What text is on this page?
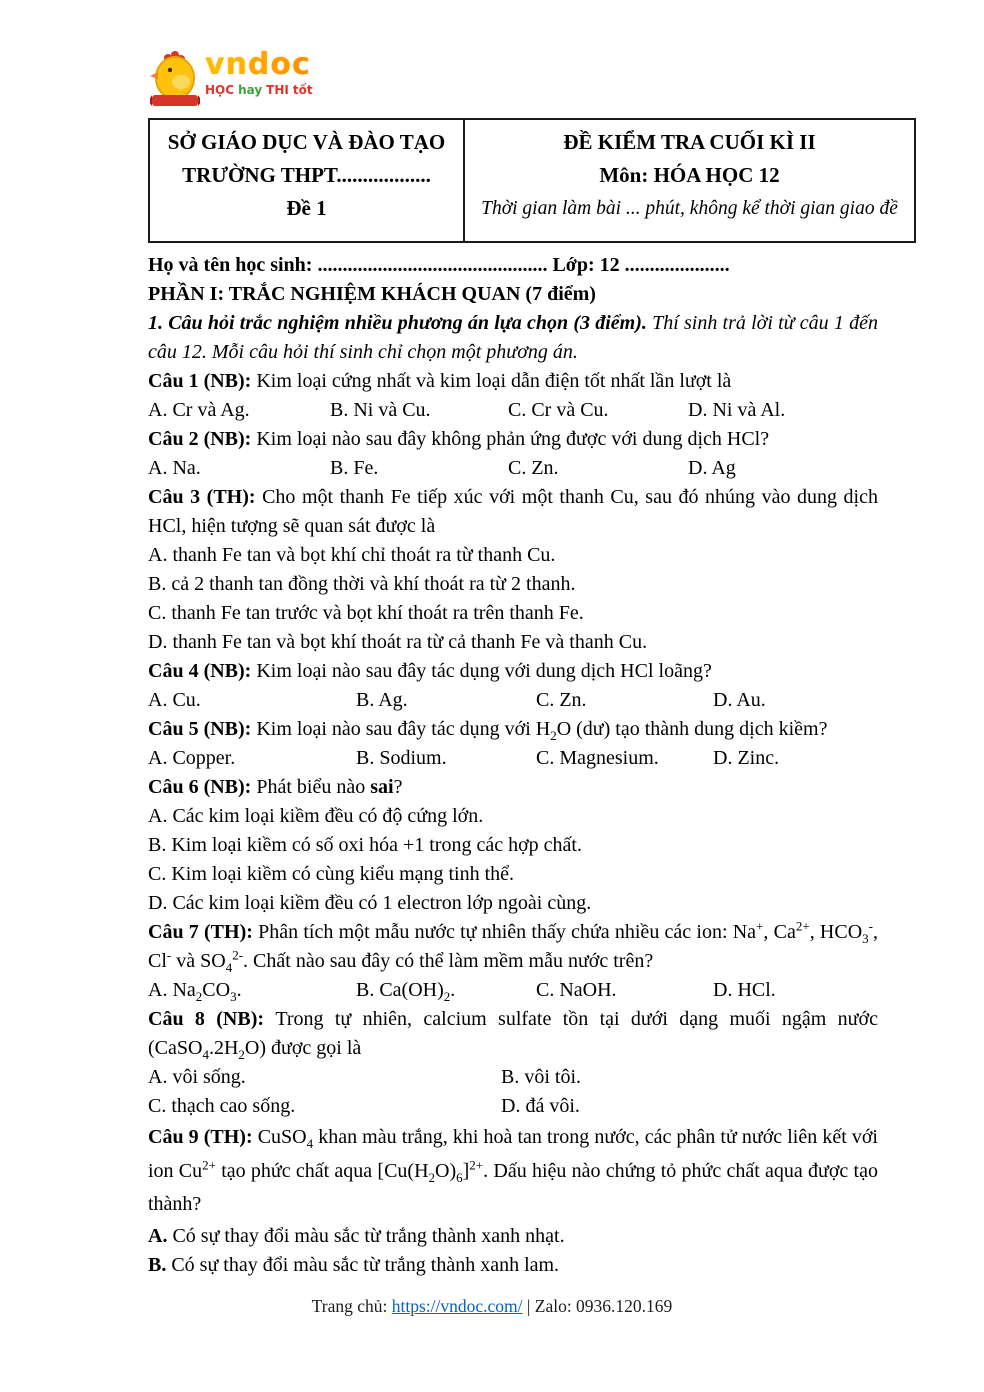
vndoc
HỌC hay THI tốt
SỞ GIÁO DỤC VÀ ĐÀO TẠO
TRƯỜNG THPT..................
Đề 1
ĐỀ KIỂM TRA CUỐI KÌ II
Môn: HÓA HỌC 12
Thời gian làm bài ... phút, không kể thời gian giao đề
Họ và tên học sinh: .............................................. Lớp: 12 .....................
PHẦN I: TRẮC NGHIỆM KHÁCH QUAN (7 điểm)
1. Câu hỏi trắc nghiệm nhiều phương án lựa chọn (3 điểm). Thí sinh trả lời từ câu 1 đến câu 12. Mỗi câu hỏi thí sinh chỉ chọn một phương án.
Câu 1 (NB): Kim loại cứng nhất và kim loại dẫn điện tốt nhất lần lượt là
A. Cr và Ag.	B. Ni và Cu.	C. Cr và Cu.	D. Ni và Al.
Câu 2 (NB): Kim loại nào sau đây không phản ứng được với dung dịch HCl?
A. Na.	B. Fe.	C. Zn.	D. Ag
Câu 3 (TH): Cho một thanh Fe tiếp xúc với một thanh Cu, sau đó nhúng vào dung dịch HCl, hiện tượng sẽ quan sát được là
A. thanh Fe tan và bọt khí chỉ thoát ra từ thanh Cu.
B. cả 2 thanh tan đồng thời và khí thoát ra từ 2 thanh.
C. thanh Fe tan trước và bọt khí thoát ra trên thanh Fe.
D. thanh Fe tan và bọt khí thoát ra từ cả thanh Fe và thanh Cu.
Câu 4 (NB): Kim loại nào sau đây tác dụng với dung dịch HCl loãng?
A. Cu.	B. Ag.	C. Zn.	D. Au.
Câu 5 (NB): Kim loại nào sau đây tác dụng với $H_2O$ (dư) tạo thành dung dịch kiềm?
A. Copper.	B. Sodium.	C. Magnesium.	D. Zinc.
Câu 6 (NB): Phát biểu nào sai?
A. Các kim loại kiềm đều có độ cứng lớn.
B. Kim loại kiềm có số oxi hóa +1 trong các hợp chất.
C. Kim loại kiềm có cùng kiểu mạng tinh thể.
D. Các kim loại kiềm đều có 1 electron lớp ngoài cùng.
Câu 7 (TH): Phân tích một mẫu nước tự nhiên thấy chứa nhiều các ion: Na+, $Ca^{2+}$, $HCO_3^-$, Cl- và $SO_4^{2-}$. Chất nào sau đây có thể làm mềm mẫu nước trên?
A. $Na_2CO_3$.	B. $Ca(OH)_2$.	C. NaOH.	D. HCl.
Câu 8 (NB): Trong tự nhiên, calcium sulfate tồn tại dưới dạng muối ngậm nước $(CaSO_4.2H_2O)$ được gọi là
A. vôi sống.	B. vôi tôi.
C. thạch cao sống.	D. đá vôi.
Câu 9 (TH): CuSO$_4$ khan màu trắng, khi hoà tan trong nước, các phân tử nước liên kết với ion $Cu^{2+}$ tạo phức chất aqua $[Cu(H_2O)_6]^{2+}$. Dấu hiệu nào chứng tỏ phức chất aqua được tạo thành?
A. Có sự thay đổi màu sắc từ trắng thành xanh nhạt.
B. Có sự thay đổi màu sắc từ trắng thành xanh lam.
Trang chủ: https://vndoc.com/ | Zalo: 0936.120.169
